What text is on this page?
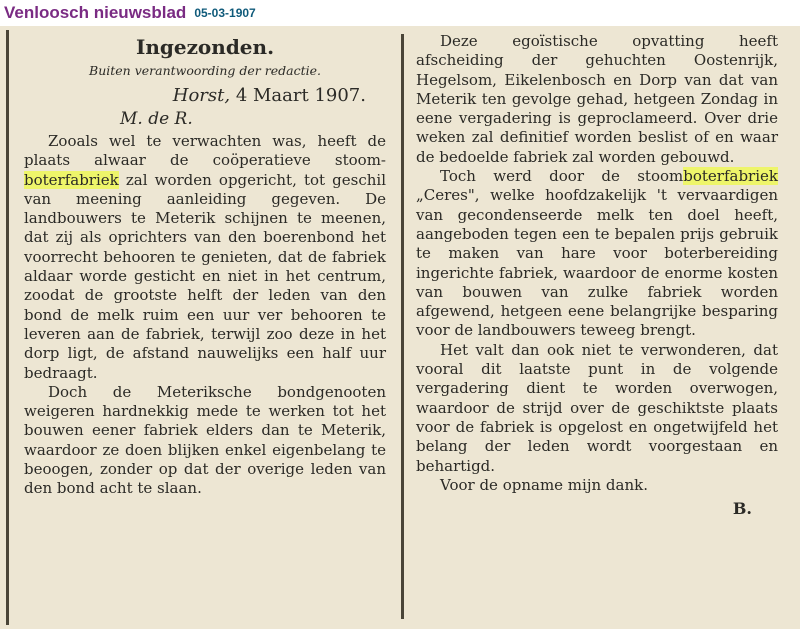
Venloosch nieuwsblad 05-03-1907
Ingezonden.
Buiten verantwoording der redactie.
Horst, 4 Maart 1907.
M. de R.

Zooals wel te verwachten was, heeft de plaats alwaar de coöperatieve stoom-boterfabriek zal worden opgericht, tot geschil van meening aanleiding gegeven. De landbouwers te Meterik schijnen te meenen, dat zij als oprichters van den boerenbond het voorrecht behooren te genieten, dat de fabriek aldaar worde gesticht en niet in het centrum, zoodat de grootste helft der leden van den bond de melk ruim een uur ver behooren te leveren aan de fabriek, terwijl zoo deze in het dorp ligt, de afstand nauwelijks een half uur bedraagt.

Doch de Meteriksche bondgenooten weigeren hardnekkig mede te werken tot het bouwen eener fabriek elders dan te Meterik, waardoor ze doen blijken enkel eigenbelang te beoogen, zonder op dat der overige leden van den bond acht te slaan.

Deze egoïstische opvatting heeft afscheiding der gehuchten Oostenrijk, Hegelsom, Eikelenbosch en Dorp van dat van Meterik ten gevolge gehad, hetgeen Zondag in eene vergadering is geproclameerd. Over drie weken zal definitief worden beslist of en waar de bedoelde fabriek zal worden gebouwd.

Toch werd door de stoomboterfabriek „Ceres", welke hoofdzakelijk 't vervaardigen van gecondenseerde melk ten doel heeft, aangeboden tegen een te bepalen prijs gebruik te maken van hare voor boterbereiding ingerichte fabriek, waardoor de enorme kosten van bouwen van zulke fabriek worden afgewend, hetgeen eene belangrijke besparing voor de landbouwers teweeg brengt.

Het valt dan ook niet te verwonderen, dat vooral dit laatste punt in de volgende vergadering dient te worden overwogen, waardoor de strijd over de geschiktste plaats voor de fabriek is opgelost en ongetwijfeld het belang der leden wordt voorgestaan en behartigd.

Voor de opname mijn dank.

B.
